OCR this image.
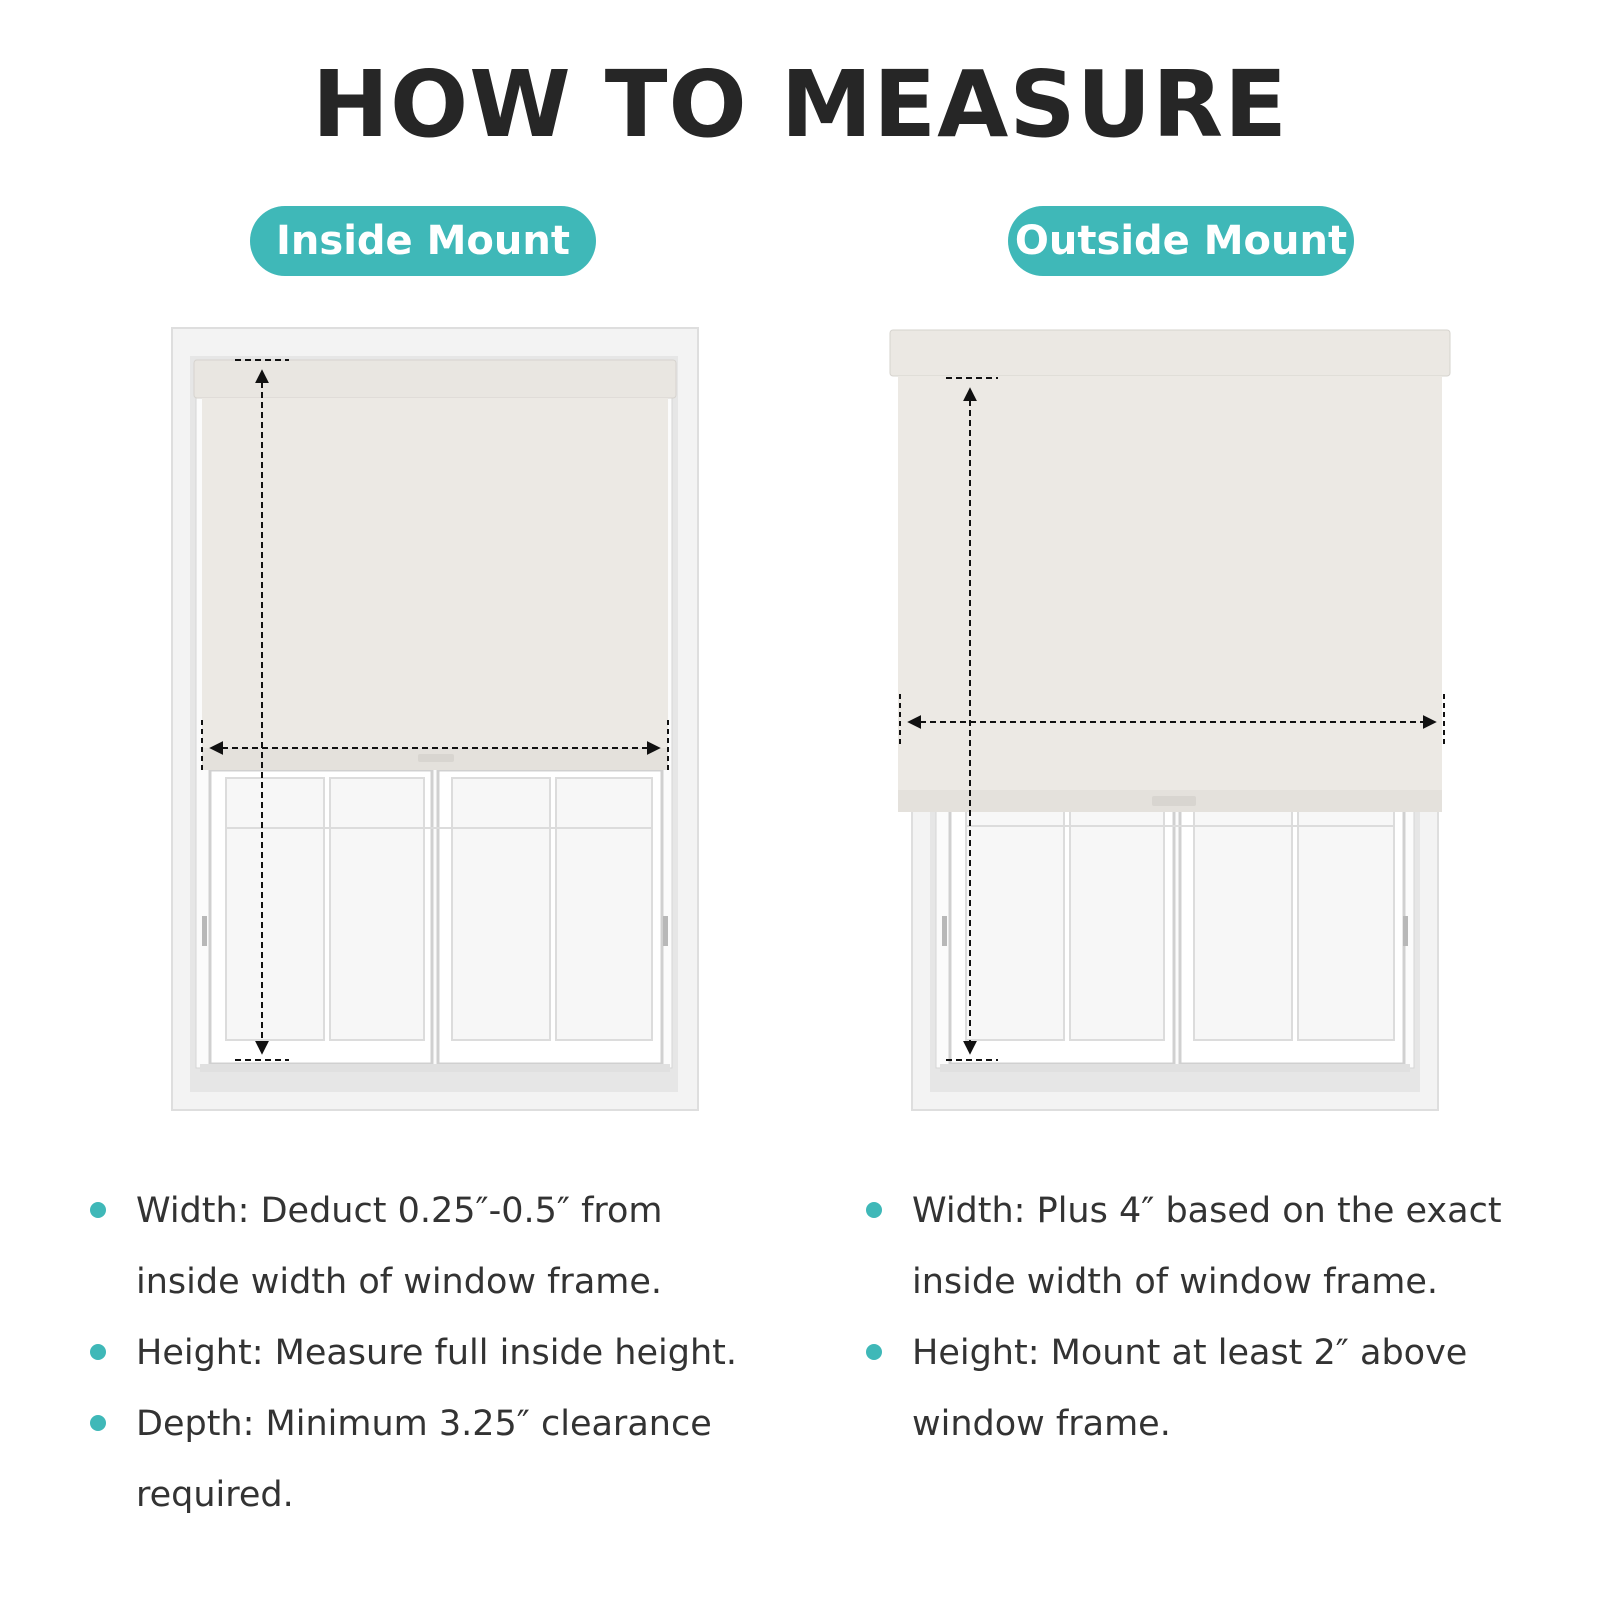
HOW TO MEASURE
Inside Mount	Outside Mount
Width: Deduct 0.25″-0.5″ from inside width of window frame.
Height: Measure full inside height.
Depth: Minimum 3.25″ clearance required.
Width: Plus 4″ based on the exact inside width of window frame.
Height: Mount at least 2″ above window frame.
